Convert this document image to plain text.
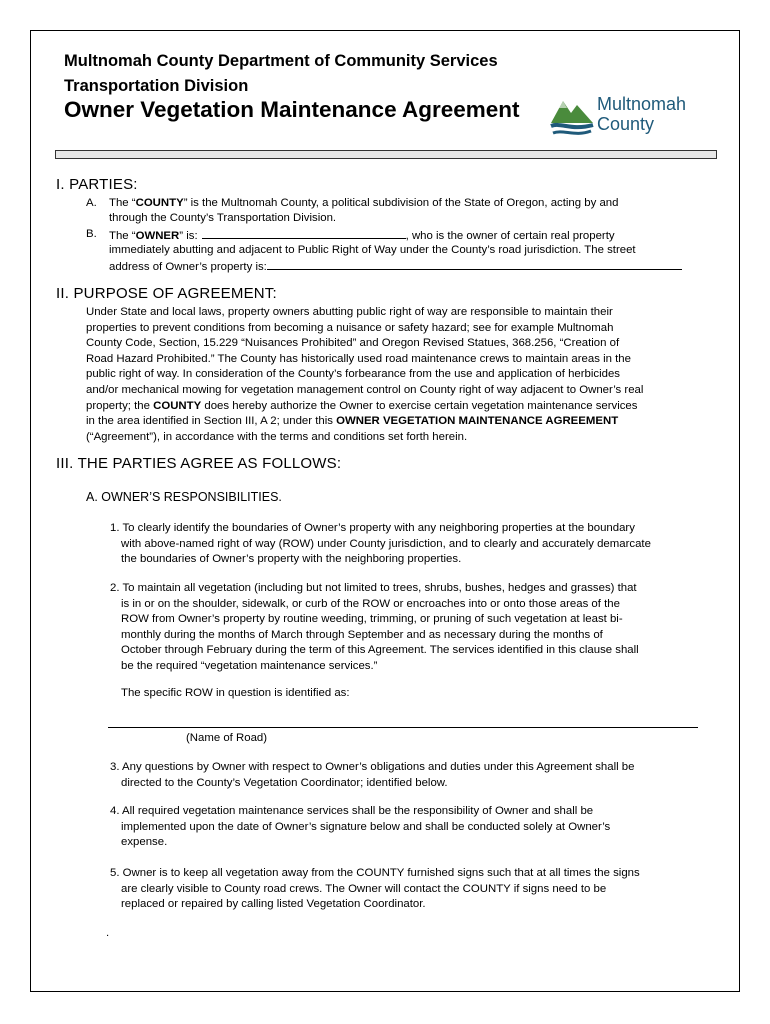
Multnomah County Department of Community Services
Transportation Division
Owner Vegetation Maintenance Agreement	Multnomah
County
I. PARTIES:
A. The “COUNTY” is the Multnomah County, a political subdivision of the State of Oregon, acting by and
through the County’s Transportation Division.
B. The “OWNER” is:	, who is the owner of certain real property
immediately abutting and adjacent to Public Right of Way under the County’s road jurisdiction. The street
address of Owner’s property is:
II. PURPOSE OF AGREEMENT:
Under State and local laws, property owners abutting public right of way are responsible to maintain their
properties to prevent conditions from becoming a nuisance or safety hazard; see for example Multnomah
County Code, Section, 15.229 “Nuisances Prohibited” and Oregon Revised Statues, 368.256, “Creation of
Road Hazard Prohibited.” The County has historically used road maintenance crews to maintain areas in the
public right of way. In consideration of the County’s forbearance from the use and application of herbicides
and/or mechanical mowing for vegetation management control on County right of way adjacent to Owner’s real
property; the COUNTY does hereby authorize the Owner to exercise certain vegetation maintenance services
in the area identified in Section III, A 2; under this OWNER VEGETATION MAINTENANCE AGREEMENT
(“Agreement”), in accordance with the terms and conditions set forth herein.
III. THE PARTIES AGREE AS FOLLOWS:
A. OWNER’S RESPONSIBILITIES.
1. To clearly identify the boundaries of Owner’s property with any neighboring properties at the boundary
with above-named right of way (ROW) under County jurisdiction, and to clearly and accurately demarcate
the boundaries of Owner’s property with the neighboring properties.
2. To maintain all vegetation (including but not limited to trees, shrubs, bushes, hedges and grasses) that
is in or on the shoulder, sidewalk, or curb of the ROW or encroaches into or onto those areas of the
ROW from Owner’s property by routine weeding, trimming, or pruning of such vegetation at least bi-
monthly during the months of March through September and as necessary during the months of
October through February during the term of this Agreement. The services identified in this clause shall
be the required “vegetation maintenance services.”
The specific ROW in question is identified as:
(Name of Road)
3. Any questions by Owner with respect to Owner’s obligations and duties under this Agreement shall be
directed to the County’s Vegetation Coordinator; identified below.
4. All required vegetation maintenance services shall be the responsibility of Owner and shall be
implemented upon the date of Owner’s signature below and shall be conducted solely at Owner’s
expense.
5. Owner is to keep all vegetation away from the COUNTY furnished signs such that at all times the signs
are clearly visible to County road crews. The Owner will contact the COUNTY if signs need to be
replaced or repaired by calling listed Vegetation Coordinator.
.
